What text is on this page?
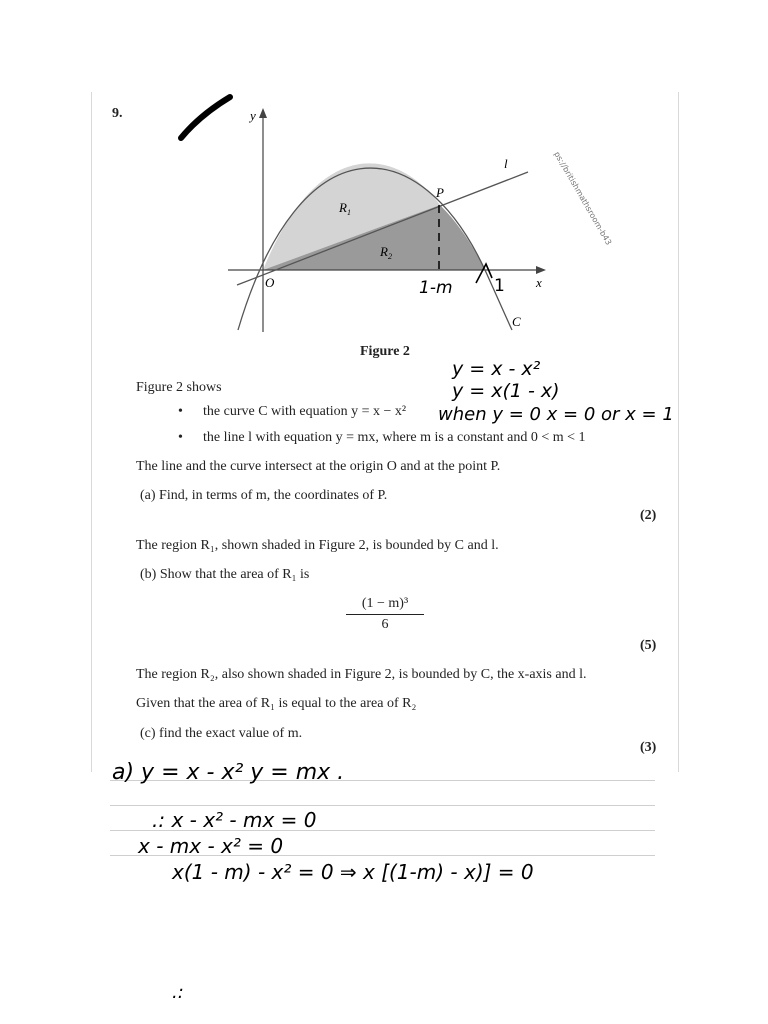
ps://britishmathsroom-b43
9.	y
x
O
P
l
C
$R_1$
$R_2$
1-m 1
Figure 2
y = x - x²
y = x(1 - x)
when y = 0 x = 0 or x = 1
Figure 2 shows
• the curve C with equation y = x − x²
• the line l with equation y = mx, where m is a constant and 0 < m < 1
The line and the curve intersect at the origin O and at the point P.
(a) Find, in terms of m, the coordinates of P.
(2)
The region R₁, shown shaded in Figure 2, is bounded by C and l.
(b) Show that the area of R₁ is
(1 − m)³
6
(5)
The region R₂, also shown shaded in Figure 2, is bounded by C, the x-axis and l.
Given that the area of R₁ is equal to the area of R₂
(c) find the exact value of m.
(3)
a) y = x - x² y = mx .
.: x - x² - mx = 0
x - mx - x² = 0
x(1 - m) - x² = 0 ⇒ x [(1-m) - x)] = 0
.:
